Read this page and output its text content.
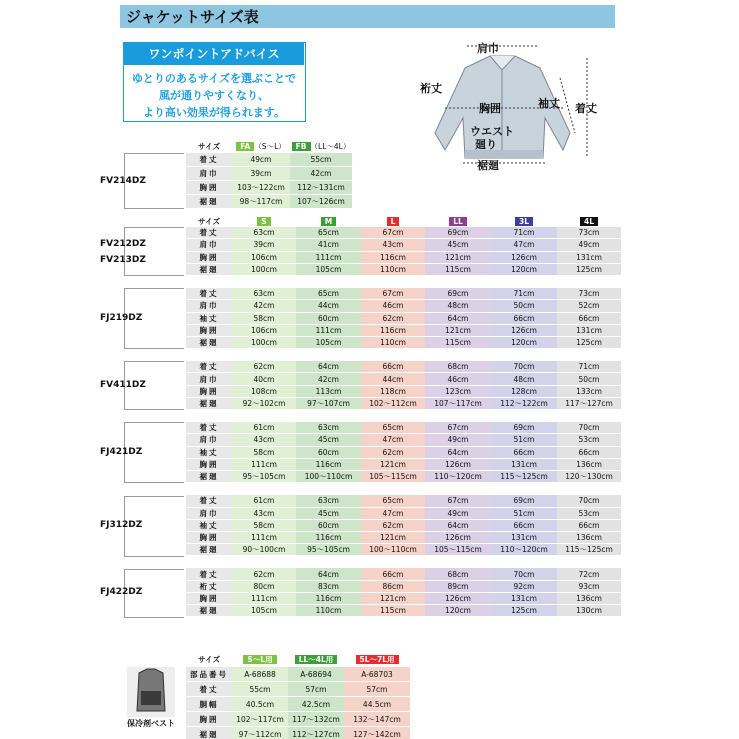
ジャケットサイズ表
ワンポイントアドバイス
ゆとりのあるサイズを選ぶことで
風が通りやすくなり、
より高い効果が得られます。
肩巾
裄丈
袖丈 着丈
胸囲
ウエスト
廻り
裾廻
FV214DZ
サイズ	FA （S〜L）	FB （LL〜4L）
着丈	49cm	55cm
肩巾	39cm	42cm
胸囲	103〜122cm	112〜131cm
裾廻	98〜117cm	107〜126cm
FV212DZ
FV213DZ
FJ219DZ
FV411DZ
FJ421DZ
FJ312DZ
FJ422DZ
サイズ	S	M	L	LL	3L	4L
着丈	63cm	65cm	67cm	69cm	71cm	73cm
肩巾	39cm	41cm	43cm	45cm	47cm	49cm
胸囲	106cm	111cm	116cm	121cm	126cm	131cm
裾廻	100cm	105cm	110cm	115cm	120cm	125cm
着丈	63cm	65cm	67cm	69cm	71cm	73cm
肩巾	42cm	44cm	46cm	48cm	50cm	52cm
袖丈	58cm	60cm	62cm	64cm	66cm	66cm
胸囲	106cm	111cm	116cm	121cm	126cm	131cm
裾廻	100cm	105cm	110cm	115cm	120cm	125cm
着丈	62cm	64cm	66cm	68cm	70cm	71cm
肩巾	40cm	42cm	44cm	46cm	48cm	50cm
胸囲	108cm	113cm	118cm	123cm	128cm	133cm
裾廻	92〜102cm	97〜107cm	102〜112cm	107〜117cm	112〜122cm	117〜127cm
着丈	61cm	63cm	65cm	67cm	69cm	70cm
肩巾	43cm	45cm	47cm	49cm	51cm	53cm
袖丈	58cm	60cm	62cm	64cm	66cm	66cm
胸囲	111cm	116cm	121cm	126cm	131cm	136cm
裾廻	95〜105cm	100〜110cm	105〜115cm	110〜120cm	115〜125cm	120〜130cm
着丈	61cm	63cm	65cm	67cm	69cm	70cm
肩巾	43cm	45cm	47cm	49cm	51cm	53cm
袖丈	58cm	60cm	62cm	64cm	66cm	66cm
胸囲	111cm	116cm	121cm	126cm	131cm	136cm
裾廻	90〜100cm	95〜105cm	100〜110cm	105〜115cm	110〜120cm	115〜125cm
着丈	62cm	64cm	66cm	68cm	70cm	72cm
裄丈	80cm	83cm	86cm	89cm	92cm	93cm
胸囲	111cm	116cm	121cm	126cm	131cm	136cm
裾廻	105cm	110cm	115cm	120cm	125cm	130cm
保冷剤ベスト
サイズ	S〜L用	LL〜4L用	5L〜7L用
部品番号	A-68688	A-68694	A-68703
着丈	55cm	57cm	57cm
胴幅	40.5cm	42.5cm	44.5cm
胸囲	102〜117cm	117〜132cm	132〜147cm
裾廻	97〜112cm	112〜127cm	127〜142cm
